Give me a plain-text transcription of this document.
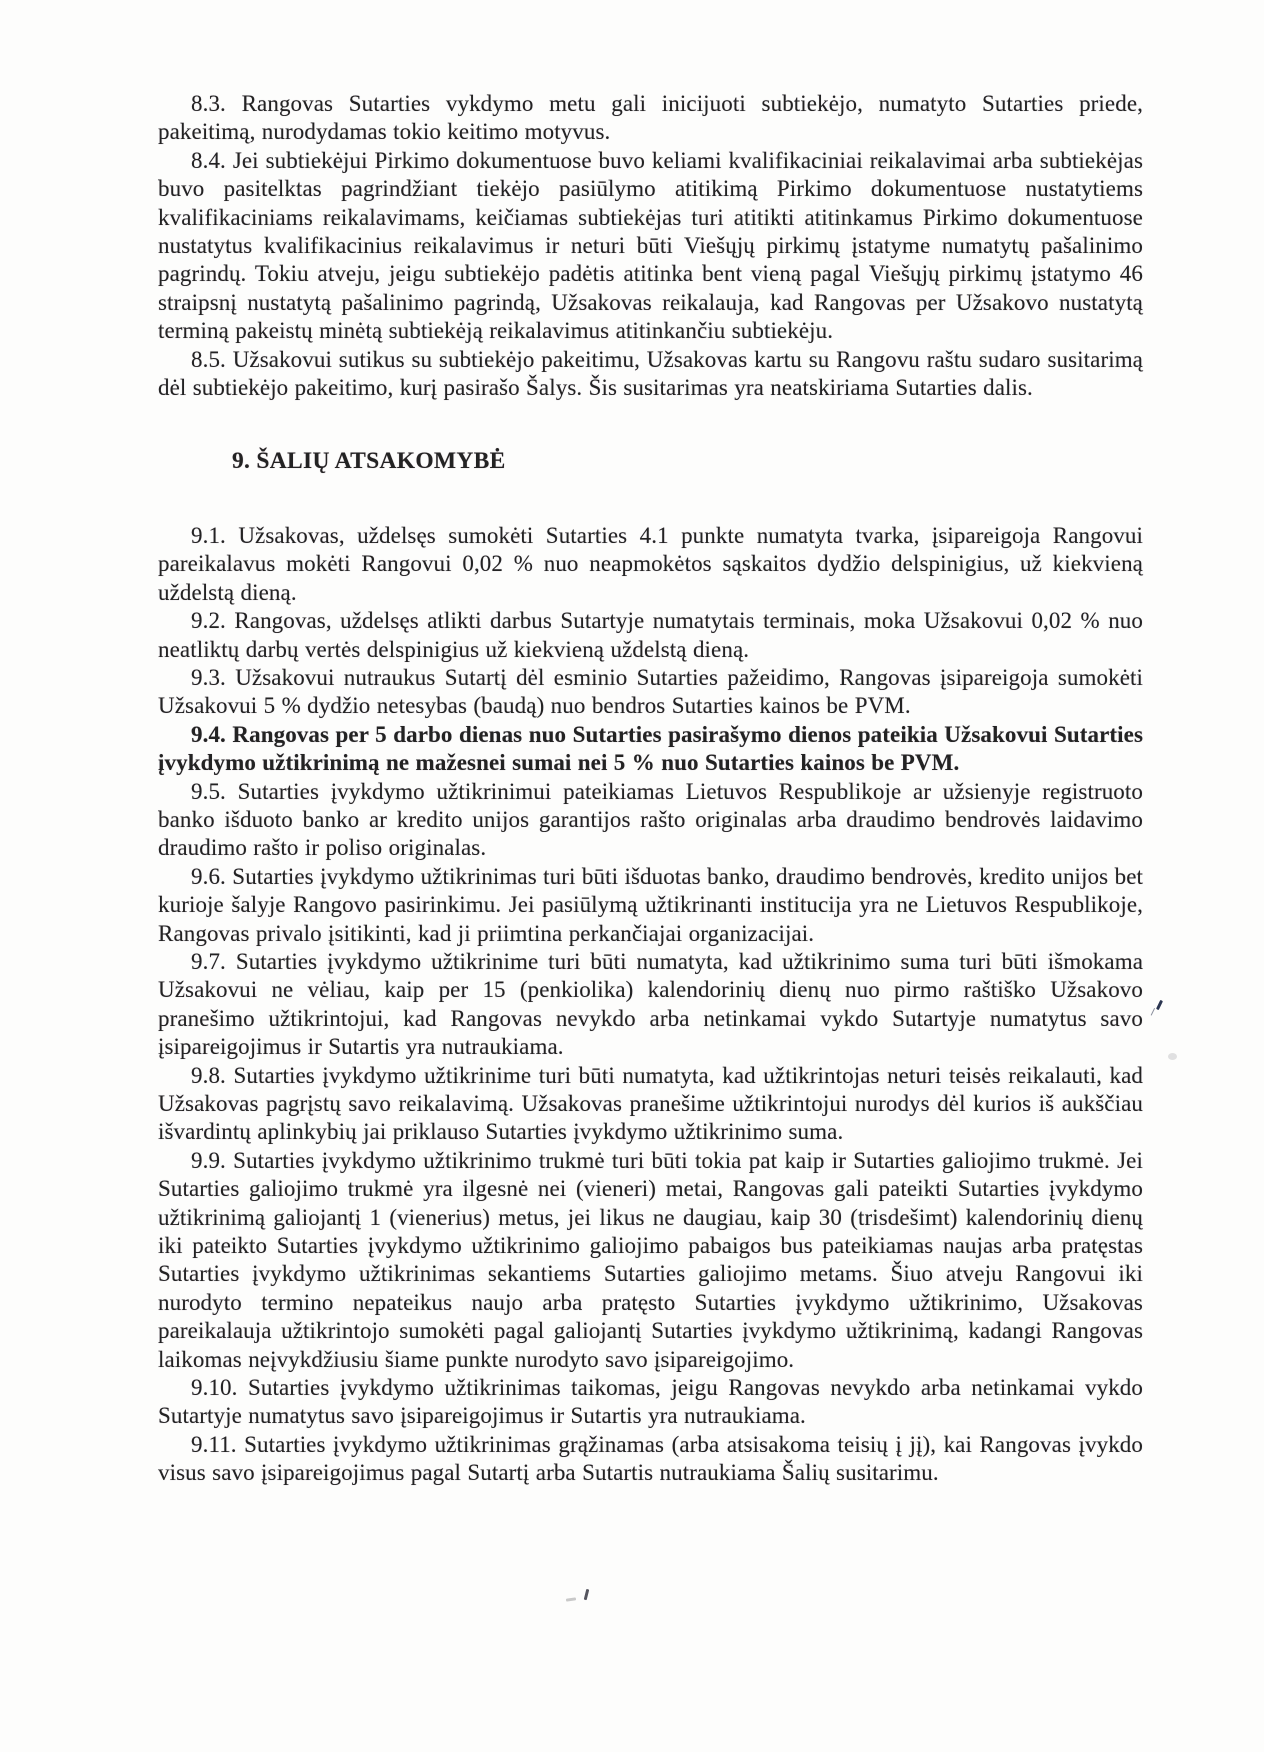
8.3. Rangovas Sutarties vykdymo metu gali inicijuoti subtiekėjo, numatyto Sutarties priede, pakeitimą, nurodydamas tokio keitimo motyvus.

8.4. Jei subtiekėjui Pirkimo dokumentuose buvo keliami kvalifikaciniai reikalavimai arba subtiekėjas buvo pasitelktas pagrindžiant tiekėjo pasiūlymo atitikimą Pirkimo dokumentuose nustatytiems kvalifikaciniams reikalavimams, keičiamas subtiekėjas turi atitikti atitinkamus Pirkimo dokumentuose nustatytus kvalifikacinius reikalavimus ir neturi būti Viešųjų pirkimų įstatyme numatytų pašalinimo pagrindų. Tokiu atveju, jeigu subtiekėjo padėtis atitinka bent vieną pagal Viešųjų pirkimų įstatymo 46 straipsnį nustatytą pašalinimo pagrindą, Užsakovas reikalauja, kad Rangovas per Užsakovo nustatytą terminą pakeistų minėtą subtiekėją reikalavimus atitinkančiu subtiekėju.

8.5. Užsakovui sutikus su subtiekėjo pakeitimu, Užsakovas kartu su Rangovu raštu sudaro susitarimą dėl subtiekėjo pakeitimo, kurį pasirašo Šalys. Šis susitarimas yra neatskiriama Sutarties dalis.

9. ŠALIŲ ATSAKOMYBĖ

9.1. Užsakovas, uždelsęs sumokėti Sutarties 4.1 punkte numatyta tvarka, įsipareigoja Rangovui pareikalavus mokėti Rangovui 0,02 % nuo neapmokėtos sąskaitos dydžio delspinigius, už kiekvieną uždelstą dieną.

9.2. Rangovas, uždelsęs atlikti darbus Sutartyje numatytais terminais, moka Užsakovui 0,02 % nuo neatliktų darbų vertės delspinigius už kiekvieną uždelstą dieną.

9.3. Užsakovui nutraukus Sutartį dėl esminio Sutarties pažeidimo, Rangovas įsipareigoja sumokėti Užsakovui 5 % dydžio netesybas (baudą) nuo bendros Sutarties kainos be PVM.

9.4. Rangovas per 5 darbo dienas nuo Sutarties pasirašymo dienos pateikia Užsakovui Sutarties įvykdymo užtikrinimą ne mažesnei sumai nei 5 % nuo Sutarties kainos be PVM.

9.5. Sutarties įvykdymo užtikrinimui pateikiamas Lietuvos Respublikoje ar užsienyje registruoto banko išduoto banko ar kredito unijos garantijos rašto originalas arba draudimo bendrovės laidavimo draudimo rašto ir poliso originalas.

9.6. Sutarties įvykdymo užtikrinimas turi būti išduotas banko, draudimo bendrovės, kredito unijos bet kurioje šalyje Rangovo pasirinkimu. Jei pasiūlymą užtikrinanti institucija yra ne Lietuvos Respublikoje, Rangovas privalo įsitikinti, kad ji priimtina perkančiajai organizacijai.

9.7. Sutarties įvykdymo užtikrinime turi būti numatyta, kad užtikrinimo suma turi būti išmokama Užsakovui ne vėliau, kaip per 15 (penkiolika) kalendorinių dienų nuo pirmo raštiško Užsakovo pranešimo užtikrintojui, kad Rangovas nevykdo arba netinkamai vykdo Sutartyje numatytus savo įsipareigojimus ir Sutartis yra nutraukiama.

9.8. Sutarties įvykdymo užtikrinime turi būti numatyta, kad užtikrintojas neturi teisės reikalauti, kad Užsakovas pagrįstų savo reikalavimą. Užsakovas pranešime užtikrintojui nurodys dėl kurios iš aukščiau išvardintų aplinkybių jai priklauso Sutarties įvykdymo užtikrinimo suma.

9.9. Sutarties įvykdymo užtikrinimo trukmė turi būti tokia pat kaip ir Sutarties galiojimo trukmė. Jei Sutarties galiojimo trukmė yra ilgesnė nei (vieneri) metai, Rangovas gali pateikti Sutarties įvykdymo užtikrinimą galiojantį 1 (vienerius) metus, jei likus ne daugiau, kaip 30 (trisdešimt) kalendorinių dienų iki pateikto Sutarties įvykdymo užtikrinimo galiojimo pabaigos bus pateikiamas naujas arba pratęstas Sutarties įvykdymo užtikrinimas sekantiems Sutarties galiojimo metams. Šiuo atveju Rangovui iki nurodyto termino nepateikus naujo arba pratęsto Sutarties įvykdymo užtikrinimo, Užsakovas pareikalauja užtikrintojo sumokėti pagal galiojantį Sutarties įvykdymo užtikrinimą, kadangi Rangovas laikomas neįvykdžiusiu šiame punkte nurodyto savo įsipareigojimo.

9.10. Sutarties įvykdymo užtikrinimas taikomas, jeigu Rangovas nevykdo arba netinkamai vykdo Sutartyje numatytus savo įsipareigojimus ir Sutartis yra nutraukiama.

9.11. Sutarties įvykdymo užtikrinimas grąžinamas (arba atsisakoma teisių į jį), kai Rangovas įvykdo visus savo įsipareigojimus pagal Sutartį arba Sutartis nutraukiama Šalių susitarimu.
